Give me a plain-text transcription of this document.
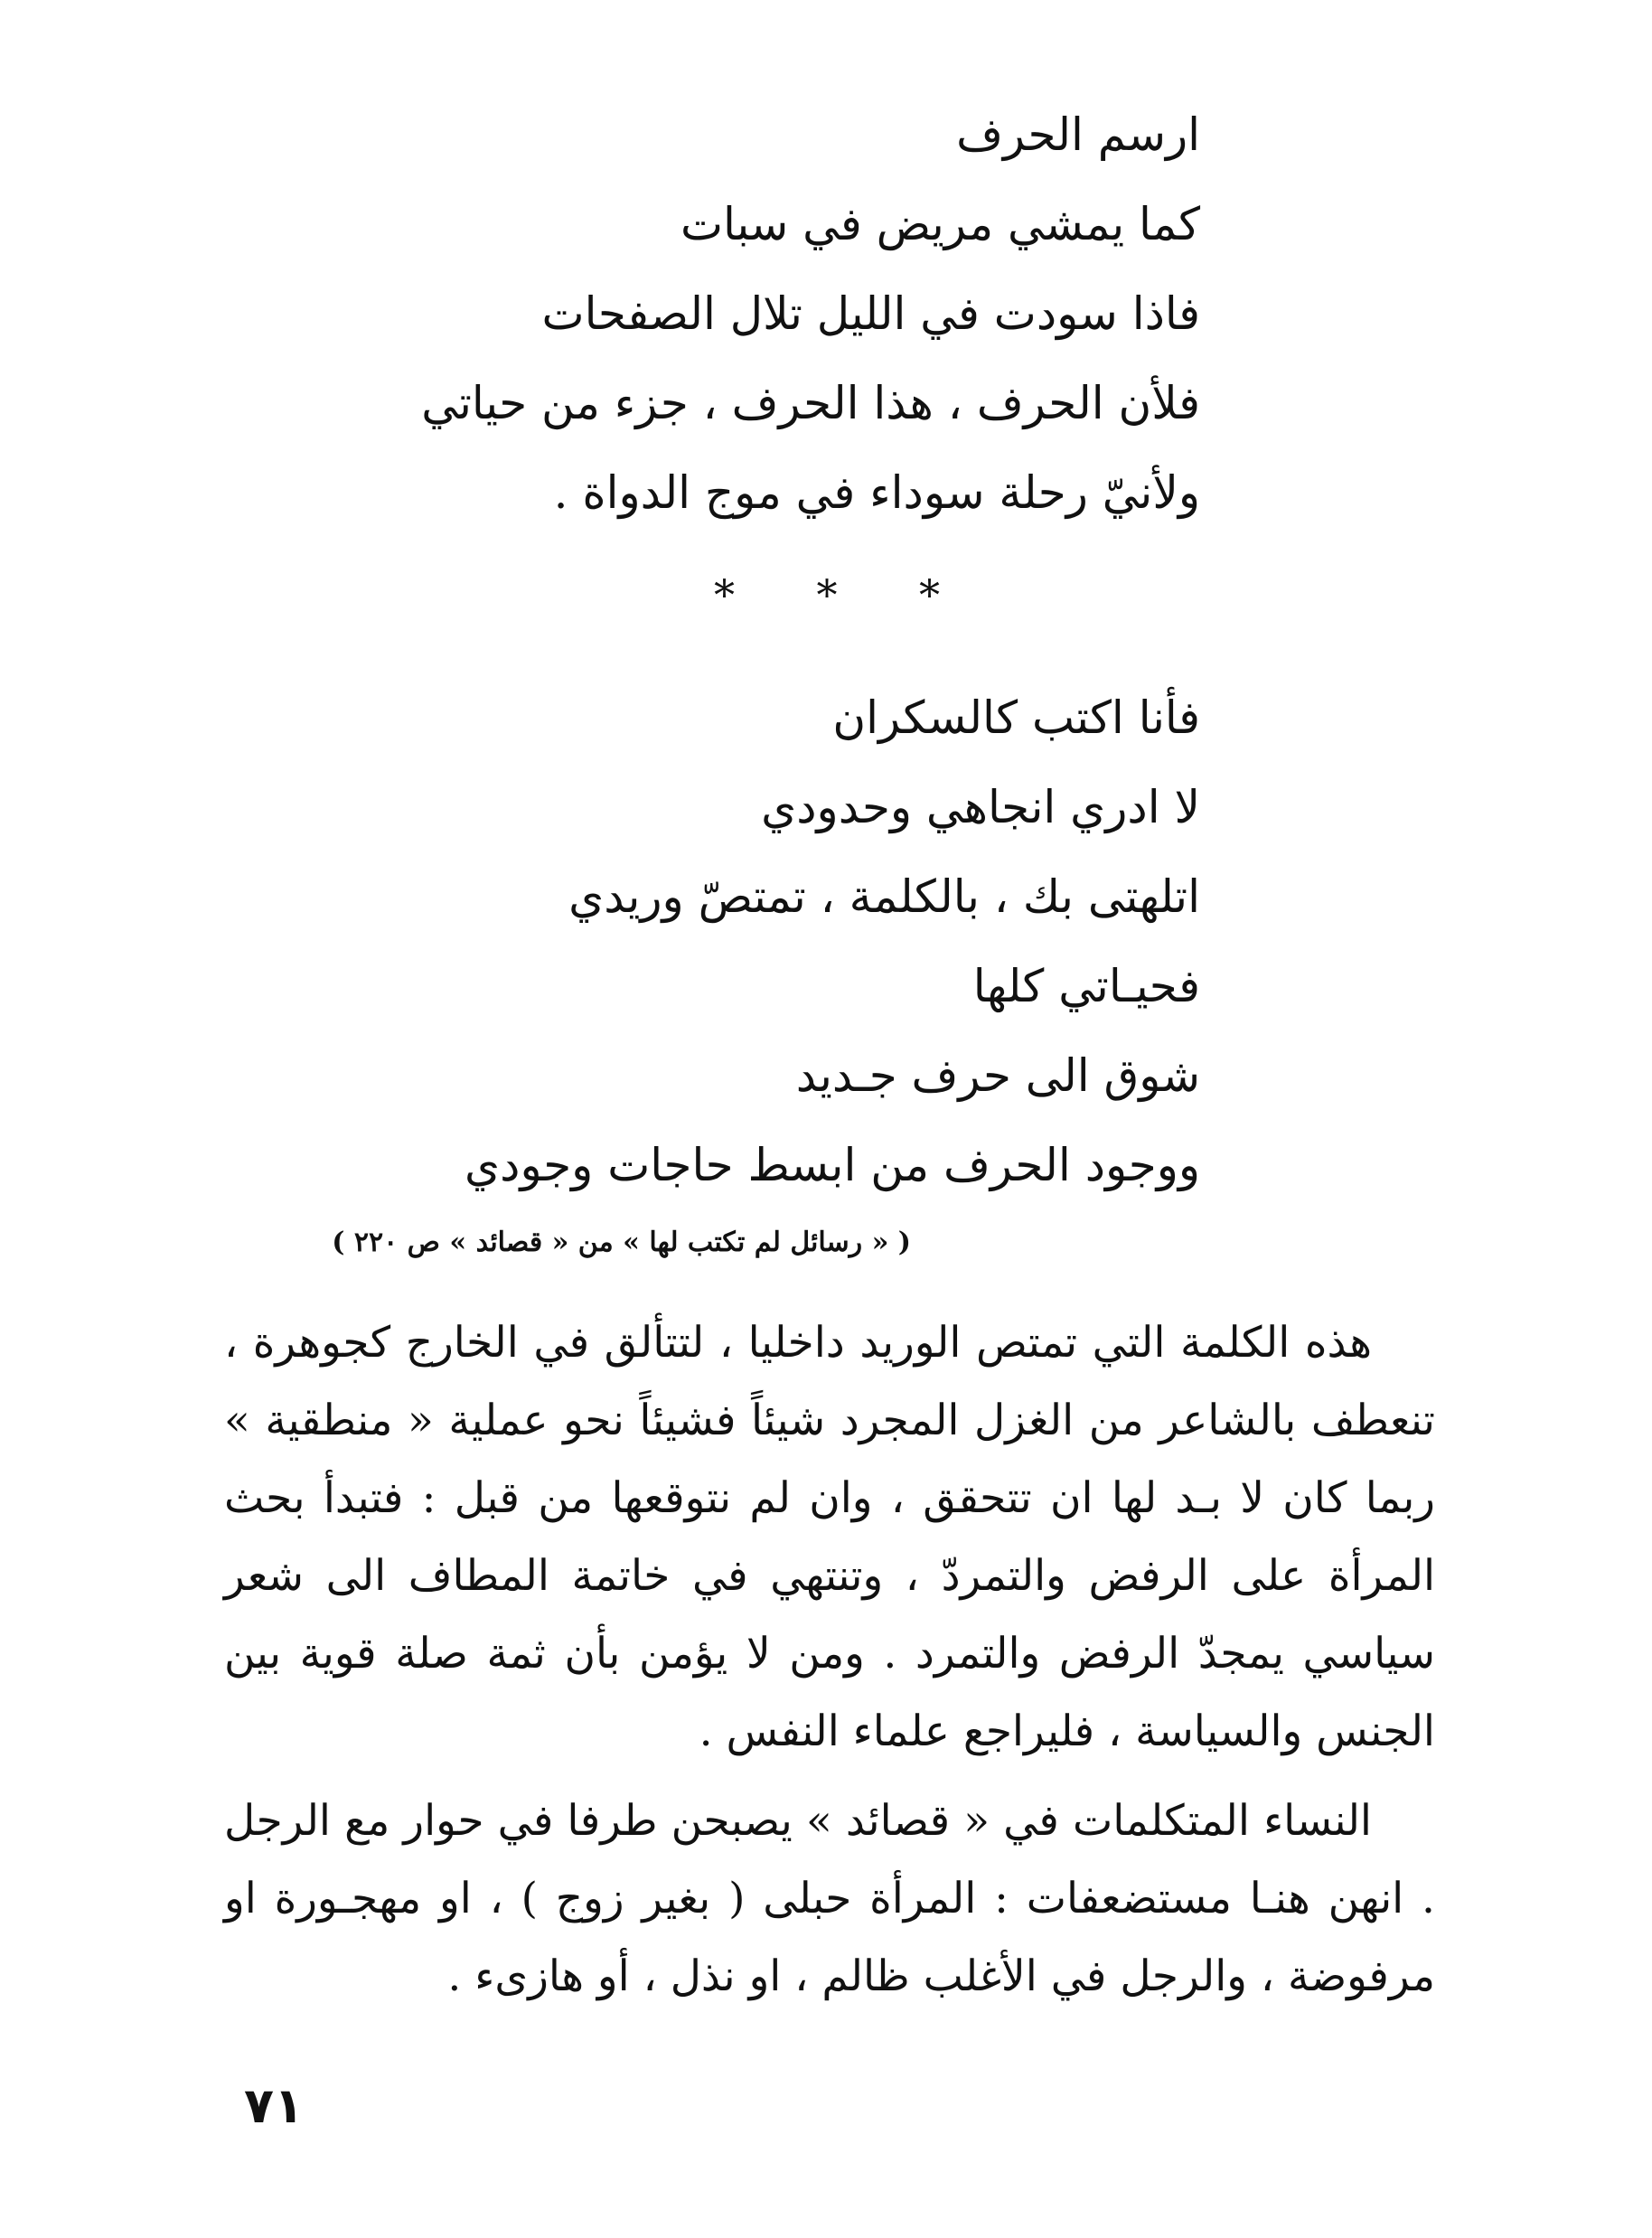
ارسم الحرف

كما يمشي مريض في سبات

فاذا سودت في الليل تلال الصفحات

فلأن الحرف ، هذا الحرف ، جزء من حياتي

ولأنيّ رحلة سوداء في موج الدواة .

* * *

فأنا اكتب كالسكران

لا ادري انجاهي وحدودي

اتلهتى بك ، بالكلمة ، تمتصّ وريدي

فحيـاتي كلها

شوق الى حرف جـديد

ووجود الحرف من ابسط حاجات وجودي

( « رسائل لم تكتب لها » من « قصائد » ص ٢٢٠ )

هذه الكلمة التي تمتص الوريد داخليا ، لتتألق في الخارج كجوهرة ، تنعطف بالشاعر من الغزل المجرد شيئاً فشيئاً نحو عملية « منطقية » ربما كان لا بـد لها ان تتحقق ، وان لم نتوقعها من قبل : فتبدأ بحث المرأة على الرفض والتمردّ ، وتنتهي في خاتمة المطاف الى شعر سياسي يمجدّ الرفض والتمرد . ومن لا يؤمن بأن ثمة صلة قوية بين الجنس والسياسة ، فليراجع علماء النفس .

النساء المتكلمات في « قصائد » يصبحن طرفا في حوار مع الرجل . انهن هنـا مستضعفات : المرأة حبلى ( بغير زوج ) ، او مهجـورة او مرفوضة ، والرجل في الأغلب ظالم ، او نذل ، أو هازىء .

٧١
